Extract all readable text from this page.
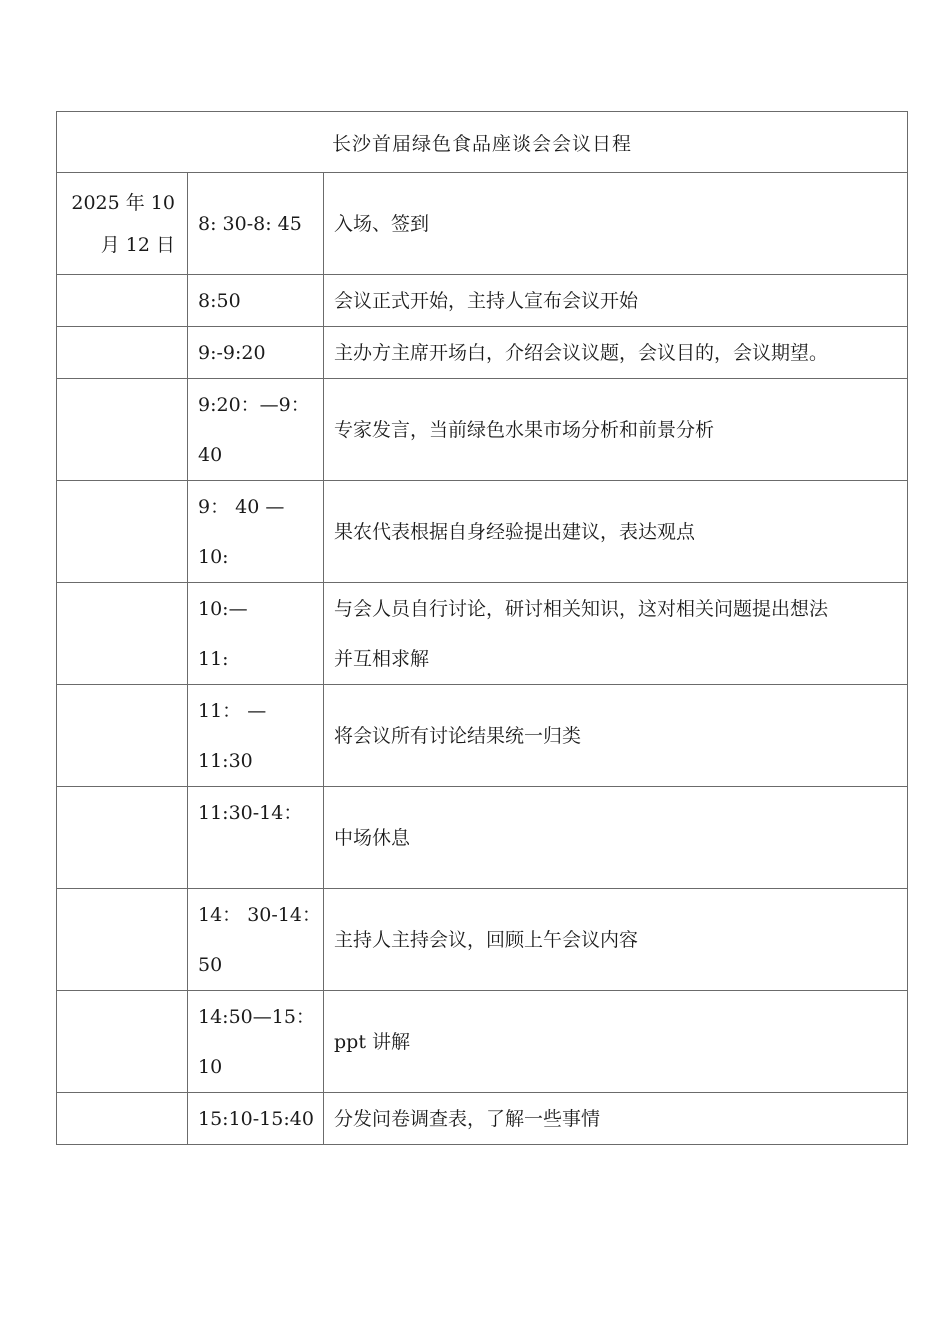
长沙首届绿色食品座谈会会议日程		

2025 年 10
月 12 日	8: 30-8: 45	入场、签到

	8:50	会议正式开始，主持人宣布会议开始

	9:-9:20	主办方主席开场白，介绍会议议题，会议目的，会议期望。

	9:20：—9：
40	专家发言，当前绿色水果市场分析和前景分析

	9： 40 —
10:	果农代表根据自身经验提出建议，表达观点

	10:—
11:	与会人员自行讨论，研讨相关知识，这对相关问题提出想法
并互相求解

	11： —
11:30	将会议所有讨论结果统一归类

	11:30-14：	中场休息

	14： 30-14：
50	主持人主持会议，回顾上午会议内容

	14:50—15：
10	ppt 讲解

	15:10-15:40	分发问卷调查表，了解一些事情
